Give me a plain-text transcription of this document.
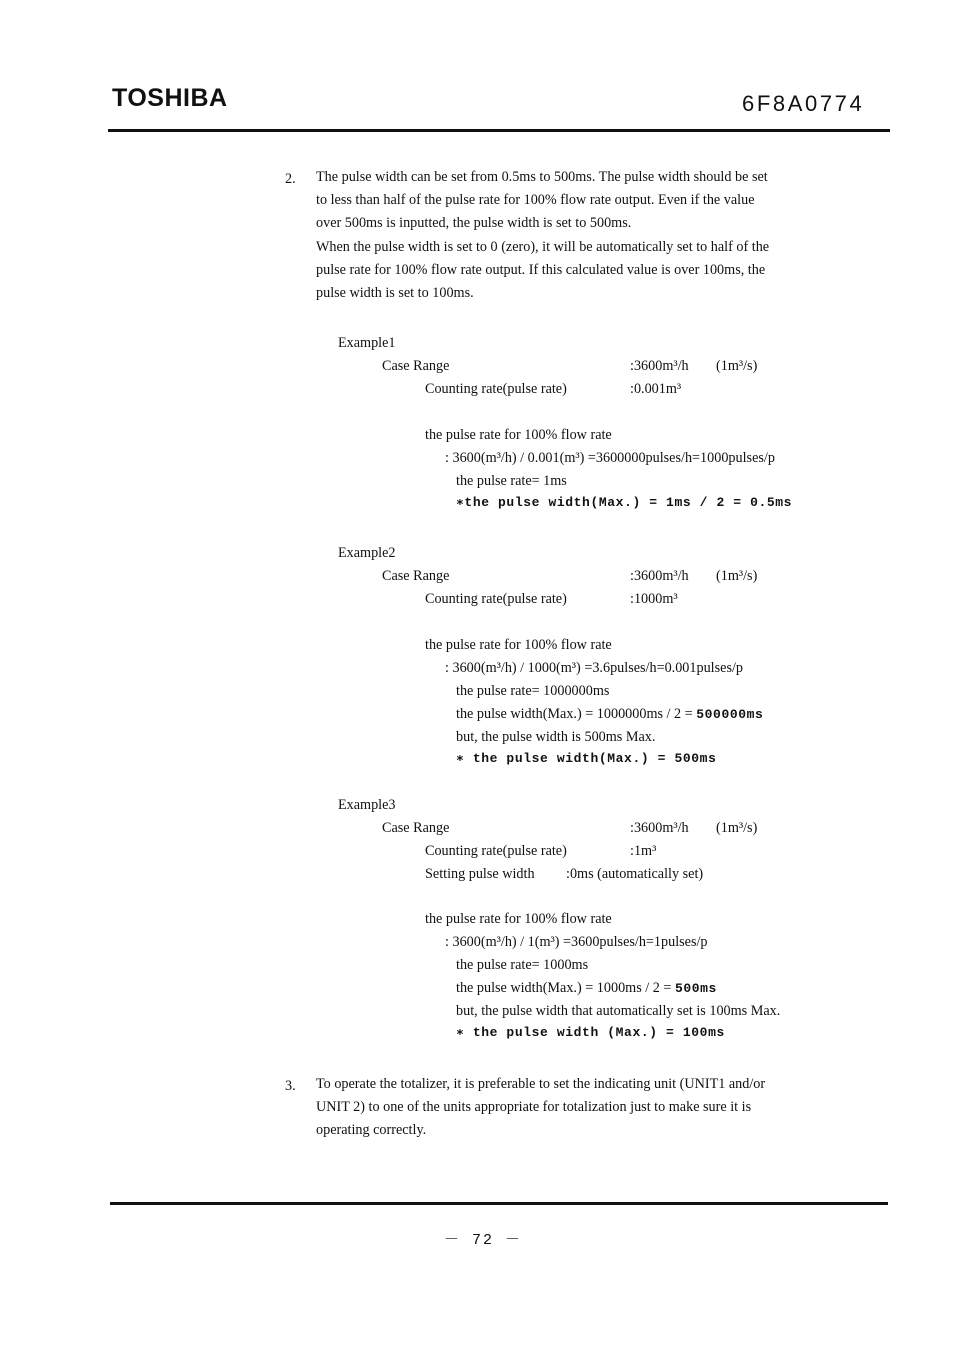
TOSHIBA	6F8A0774
2. The pulse width can be set from 0.5ms to 500ms. The pulse width should be set
to less than half of the pulse rate for 100% flow rate output. Even if the value
over 500ms is inputted, the pulse width is set to 500ms.
When the pulse width is set to 0 (zero), it will be automatically set to half of the
pulse rate for 100% flow rate output. If this calculated value is over 100ms, the
pulse width is set to 100ms.
Example1
Case Range	:3600m³/h (1m³/s)
Counting rate(pulse rate)	:0.001m³
the pulse rate for 100% flow rate
: 3600(m³/h) / 0.001(m³) =3600000pulses/h=1000pulses/p
the pulse rate= 1ms
∗the pulse width(Max.) = 1ms / 2 = 0.5ms
Example2
Case Range	:3600m³/h (1m³/s)
Counting rate(pulse rate)	:1000m³
the pulse rate for 100% flow rate
: 3600(m³/h) / 1000(m³) =3.6pulses/h=0.001pulses/p
the pulse rate= 1000000ms
the pulse width(Max.) = 1000000ms / 2 = 500000ms
but, the pulse width is 500ms Max.
∗ the pulse width(Max.) = 500ms
Example3
Case Range	:3600m³/h (1m³/s)
Counting rate(pulse rate)	:1m³
Setting pulse width :0ms (automatically set)
the pulse rate for 100% flow rate
: 3600(m³/h) / 1(m³) =3600pulses/h=1pulses/p
the pulse rate= 1000ms
the pulse width(Max.) = 1000ms / 2 = 500ms
but, the pulse width that automatically set is 100ms Max.
∗ the pulse width (Max.) = 100ms
3. To operate the totalizer, it is preferable to set the indicating unit (UNIT1 and/or
UNIT 2) to one of the units appropriate for totalization just to make sure it is
operating correctly.
－ 72 －
